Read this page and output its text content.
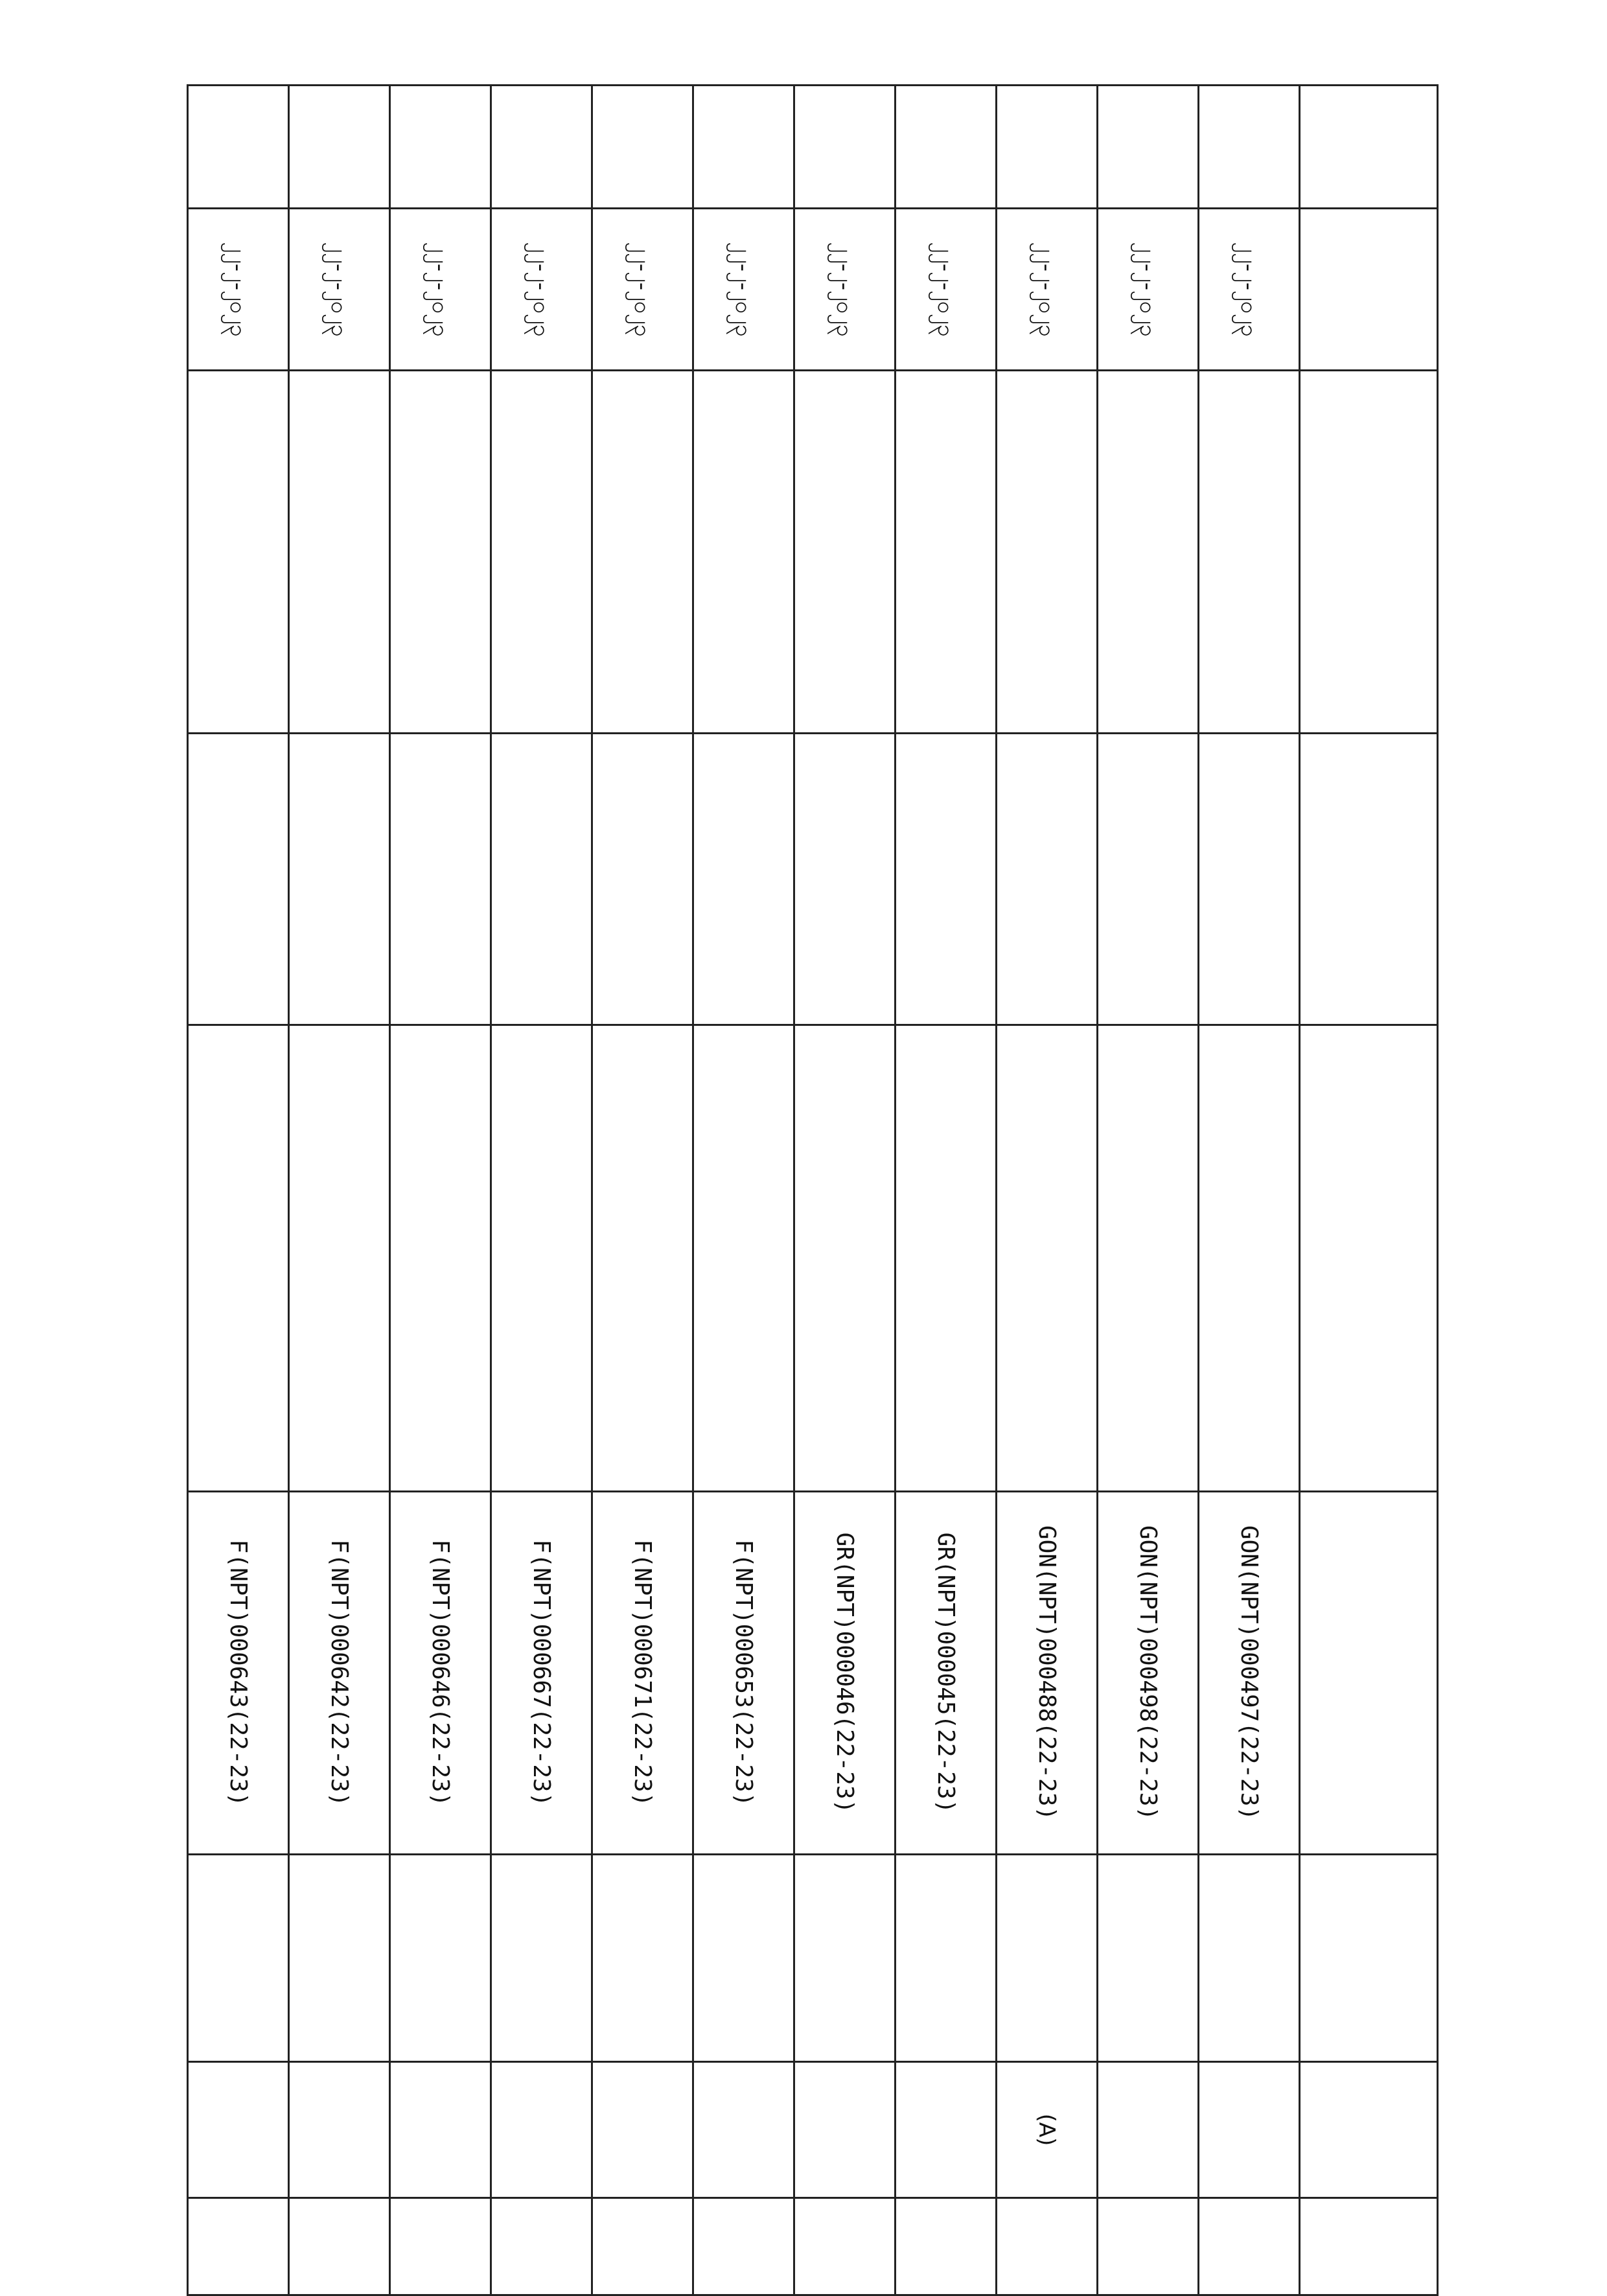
	၂၂-၂-၂၀၂၃				GON(NPT)000497(22-23)			
	၂၂-၂-၂၀၂၃				GON(NPT)000498(22-23)			
	၂၂-၂-၂၀၂၃				GON(NPT)000488(22-23)		(A)	
	၂၂-၂-၂၀၂၃				GR(NPT)000045(22-23)			
	၂၂-၂-၂၀၂၃				GR(NPT)000046(22-23)			
	၂၂-၂-၂၀၂၃				F(NPT)000653(22-23)			
	၂၂-၂-၂၀၂၃				F(NPT)000671(22-23)			
	၂၂-၂-၂၀၂၃				F(NPT)000667(22-23)			
	၂၂-၂-၂၀၂၃				F(NPT)000646(22-23)			
	၂၂-၂-၂၀၂၃				F(NPT)000642(22-23)			
	၂၂-၂-၂၀၂၃				F(NPT)000643(22-23)			
